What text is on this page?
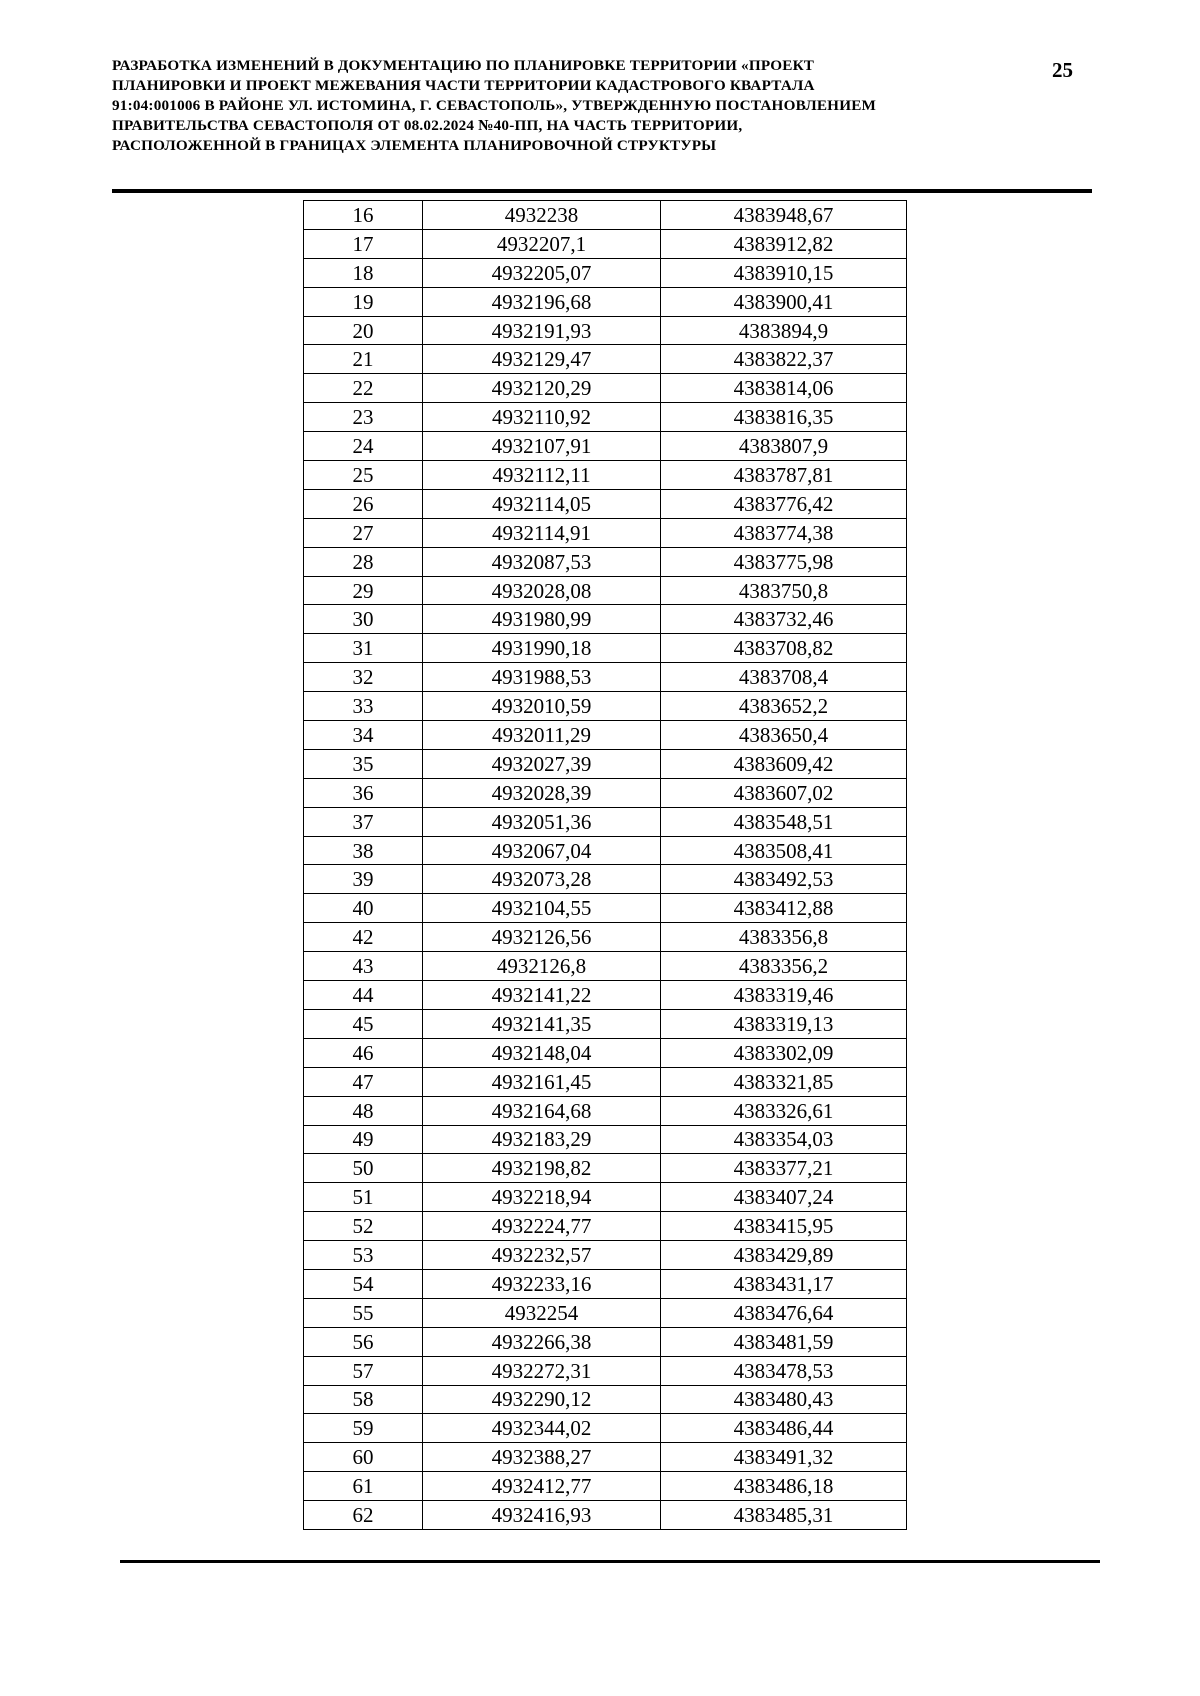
РАЗРАБОТКА ИЗМЕНЕНИЙ В ДОКУМЕНТАЦИЮ ПО ПЛАНИРОВКЕ ТЕРРИТОРИИ «ПРОЕКТ
ПЛАНИРОВКИ И ПРОЕКТ МЕЖЕВАНИЯ ЧАСТИ ТЕРРИТОРИИ КАДАСТРОВОГО КВАРТАЛА
91:04:001006 В РАЙОНЕ УЛ. ИСТОМИНА, Г. СЕВАСТОПОЛЬ», УТВЕРЖДЕННУЮ ПОСТАНОВЛЕНИЕМ
ПРАВИТЕЛЬСТВА СЕВАСТОПОЛЯ ОТ 08.02.2024 №40-ПП, НА ЧАСТЬ ТЕРРИТОРИИ,
РАСПОЛОЖЕННОЙ В ГРАНИЦАХ ЭЛЕМЕНТА ПЛАНИРОВОЧНОЙ СТРУКТУРЫ
25
16	4932238	4383948,67
17	4932207,1	4383912,82
18	4932205,07	4383910,15
19	4932196,68	4383900,41
20	4932191,93	4383894,9
21	4932129,47	4383822,37
22	4932120,29	4383814,06
23	4932110,92	4383816,35
24	4932107,91	4383807,9
25	4932112,11	4383787,81
26	4932114,05	4383776,42
27	4932114,91	4383774,38
28	4932087,53	4383775,98
29	4932028,08	4383750,8
30	4931980,99	4383732,46
31	4931990,18	4383708,82
32	4931988,53	4383708,4
33	4932010,59	4383652,2
34	4932011,29	4383650,4
35	4932027,39	4383609,42
36	4932028,39	4383607,02
37	4932051,36	4383548,51
38	4932067,04	4383508,41
39	4932073,28	4383492,53
40	4932104,55	4383412,88
42	4932126,56	4383356,8
43	4932126,8	4383356,2
44	4932141,22	4383319,46
45	4932141,35	4383319,13
46	4932148,04	4383302,09
47	4932161,45	4383321,85
48	4932164,68	4383326,61
49	4932183,29	4383354,03
50	4932198,82	4383377,21
51	4932218,94	4383407,24
52	4932224,77	4383415,95
53	4932232,57	4383429,89
54	4932233,16	4383431,17
55	4932254	4383476,64
56	4932266,38	4383481,59
57	4932272,31	4383478,53
58	4932290,12	4383480,43
59	4932344,02	4383486,44
60	4932388,27	4383491,32
61	4932412,77	4383486,18
62	4932416,93	4383485,31
